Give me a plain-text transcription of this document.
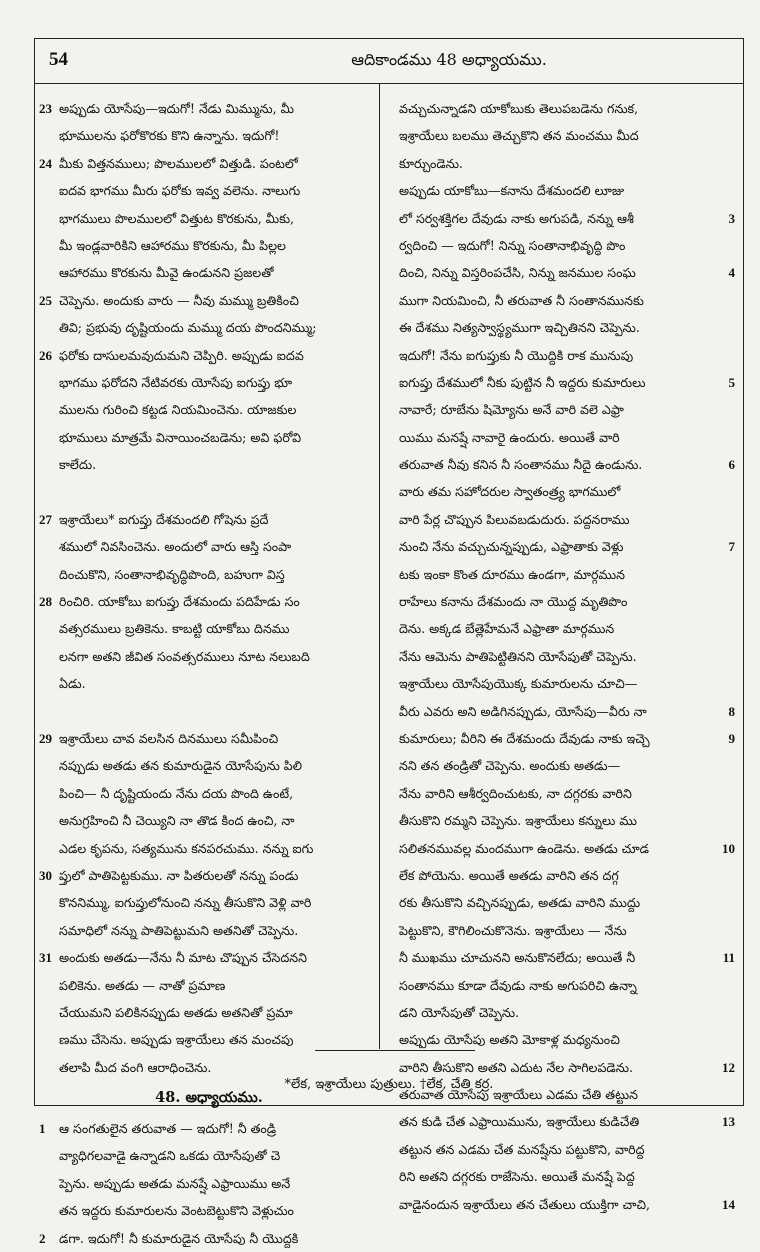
54	ఆదికాండము 48 అధ్యాయము.
23 అప్పుడు యోసేపు—ఇదుగో! నేడు మిమ్మును, మీ
భూములను ఫరోకొరకు కొని ఉన్నాను. ఇదుగో!
24 మీకు విత్తనములు; పొలములలో విత్తుడి. పంటలో
ఐదవ భాగము మీరు ఫరోకు ఇవ్వ వలెను. నాలుగు
భాగములు పొలములలో విత్తుట కొరకును, మీకు,
మీ ఇండ్లవారికిని ఆహారము కొరకును, మీ పిల్లల
ఆహారము కొరకును మీవై ఉండునని ప్రజలతో
25 చెప్పెను. అందుకు వారు — నీవు మమ్ము బ్రతికించి
తివి; ప్రభువు దృష్టియందు మమ్ము దయ పొందనిమ్ము;
26 ఫరోకు దాసులమవుదుమని చెప్పిరి. అప్పుడు ఐదవ
భాగము ఫరోదని నేటివరకు యోసేపు ఐగుప్తు భూ
ములను గురించి కట్టడ నియమించెను. యాజకుల
భూములు మాత్రమే వినాయించబడెను; అవి ఫరోవి
కాలేదు.
27 ఇశ్రాయేలు* ఐగుప్తు దేశమందలి గోషెను ప్రదే
శములో నివసించెను. అందులో వారు ఆస్తి సంపా
దించుకొని, సంతానాభివృద్ధిపొంది, బహుగా విస్త
28 రించిరి. యాకోబు ఐగుప్తు దేశమందు పదిహేడు సం
వత్సరములు బ్రతికెను. కాబట్టి యాకోబు దినము
లనగా అతని జీవిత సంవత్సరములు నూట నలుబది
ఏడు.
29 ఇశ్రాయేలు చావ వలసిన దినములు సమీపించి
నప్పుడు అతడు తన కుమారుడైన యోసేపును పిలి
పించి— నీ దృష్టియందు నేను దయ పొంది ఉంటే,
అనుగ్రహించి నీ చెయ్యిని నా తొడ కింద ఉంచి, నా
ఎడల కృపను, సత్యమును కనపరచుము. నన్ను ఐగు
30 ప్తులో పాతిపెట్టకుము. నా పితరులతో నన్ను పండు
కొననిమ్ము, ఐగుప్తులోనుంచి నన్ను తీసుకొని వెళ్లి వారి
సమాధిలో నన్ను పాతిపెట్టుమని అతనితో చెప్పెను.
31 అందుకు అతడు—నేను నీ మాట చొప్పున చేసెదనని
పలికెను. అతడు — నాతో ప్రమాణ
చేయుమని పలికినప్పుడు అతడు అతనితో ప్రమా
ణము చేసెను. అప్పుడు ఇశ్రాయేలు తన మంచపు
తలాపి మీద వంగి ఆరాధించెను.
48. అధ్యాయము.
1 ఆ సంగతులైన తరువాత — ఇదుగో! నీ తండ్రి
వ్యాధిగలవాడై ఉన్నాడని ఒకడు యోసేపుతో చె
ప్పెను. అప్పుడు అతడు మనష్షే ఎఫ్రాయిము అనే
తన ఇద్దరు కుమారులను వెంటబెట్టుకొని వెళ్లుచుం
2 డగా. ఇదుగో! నీ కుమారుడైన యోసేపు నీ యొద్దకి
వచ్చుచున్నాడని యాకోబుకు తెలుపబడెను గనుక,
ఇశ్రాయేలు బలము తెచ్చుకొని తన మంచము మీద
కూర్చుండెను.
అప్పుడు యాకోబు—కనాను దేశమందలి లూజు
3
లో సర్వశక్తిగల దేవుడు నాకు అగుపడి, నన్ను ఆశీ
ర్వదించి — ఇదుగో! నిన్ను సంతానాభివృద్ధి పొం
4
దించి, నిన్ను విస్తరింపచేసి, నిన్ను జనముల సంఘ
ముగా నియమించి, నీ తరువాత నీ సంతానమునకు
ఈ దేశము నిత్యస్వాస్థ్యముగా ఇచ్చితినని చెప్పెను.
ఇదుగో! నేను ఐగుప్తుకు నీ యొద్దికి రాక మునుపు
5
ఐగుప్తు దేశములో నీకు పుట్టిన నీ ఇద్దరు కుమారులు
నావారే; రూబేను షిమ్యోను అనే వారి వలె ఎఫ్రా
యిము మనష్షే నావారై ఉందురు. అయితే వారి
6
తరువాత నీవు కనిన నీ సంతానము నీదై ఉండును.
వారు తమ సహోదరుల స్వాతంత్ర్య భాగములో
వారి పేర్ల చొప్పున పిలువబడుదురు. పద్దనరాము
7
నుంచి నేను వచ్చుచున్నప్పుడు, ఎఫ్రాతాకు వెళ్లు
టకు ఇంకా కొంత దూరము ఉండగా, మార్గమున
రాహేలు కనాను దేశమందు నా యొద్ద మృతిపొం
దెను. అక్కడ బేత్లెహేమనే ఎఫ్రాతా మార్గమున
నేను ఆమెను పాతిపెట్టితినని యోసేపుతో చెప్పెను.
ఇశ్రాయేలు యోసేపుయొక్క కుమారులను చూచి—
8
వీరు ఎవరు అని అడిగినప్పుడు, యోసేపు—వీరు నా
9
కుమారులు; వీరిని ఈ దేశమందు దేవుడు నాకు ఇచ్చె
నని తన తండ్రితో చెప్పెను. అందుకు అతడు—
నేను వారిని ఆశీర్వదించుటకు, నా దగ్గరకు వారిని
తీసుకొని రమ్మని చెప్పెను. ఇశ్రాయేలు కన్నులు ము
10
సలితనమువల్ల మందముగా ఉండెను. అతడు చూడ
లేక పోయెను. అయితే అతడు వారిని తన దగ్గ
రకు తీసుకొని వచ్చినప్పుడు, అతడు వారిని ముద్దు
పెట్టుకొని, కౌగిలించుకొనెను. ఇశ్రాయేలు — నేను
11
నీ ముఖము చూచునని అనుకొనలేదు; అయితే నీ
సంతానము కూడా దేవుడు నాకు అగుపరిచి ఉన్నా
డని యోసేపుతో చెప్పెను.
అప్పుడు యోసేపు అతని మోకాళ్ల మధ్యనుంచి
12
వారిని తీసుకొని అతని ఎదుట నేల సాగిలపడెను.
తరువాత యోసేపు ఇశ్రాయేలు ఎడమ చేతి తట్టున
13
తన కుడి చేత ఎఫ్రాయిమును, ఇశ్రాయేలు కుడిచేతి
తట్టున తన ఎడమ చేత మనష్షేను పట్టుకొని, వారిద్ద
రిని అతని దగ్గరకు రాజేసెను. అయితే మనష్షే పెద్ద
14
వాడైనందున ఇశ్రాయేలు తన చేతులు యుక్తిగా చాచి,
*లేక, ఇశ్రాయేలు పుత్రులు. †లేక, చేతి కర్ర.
